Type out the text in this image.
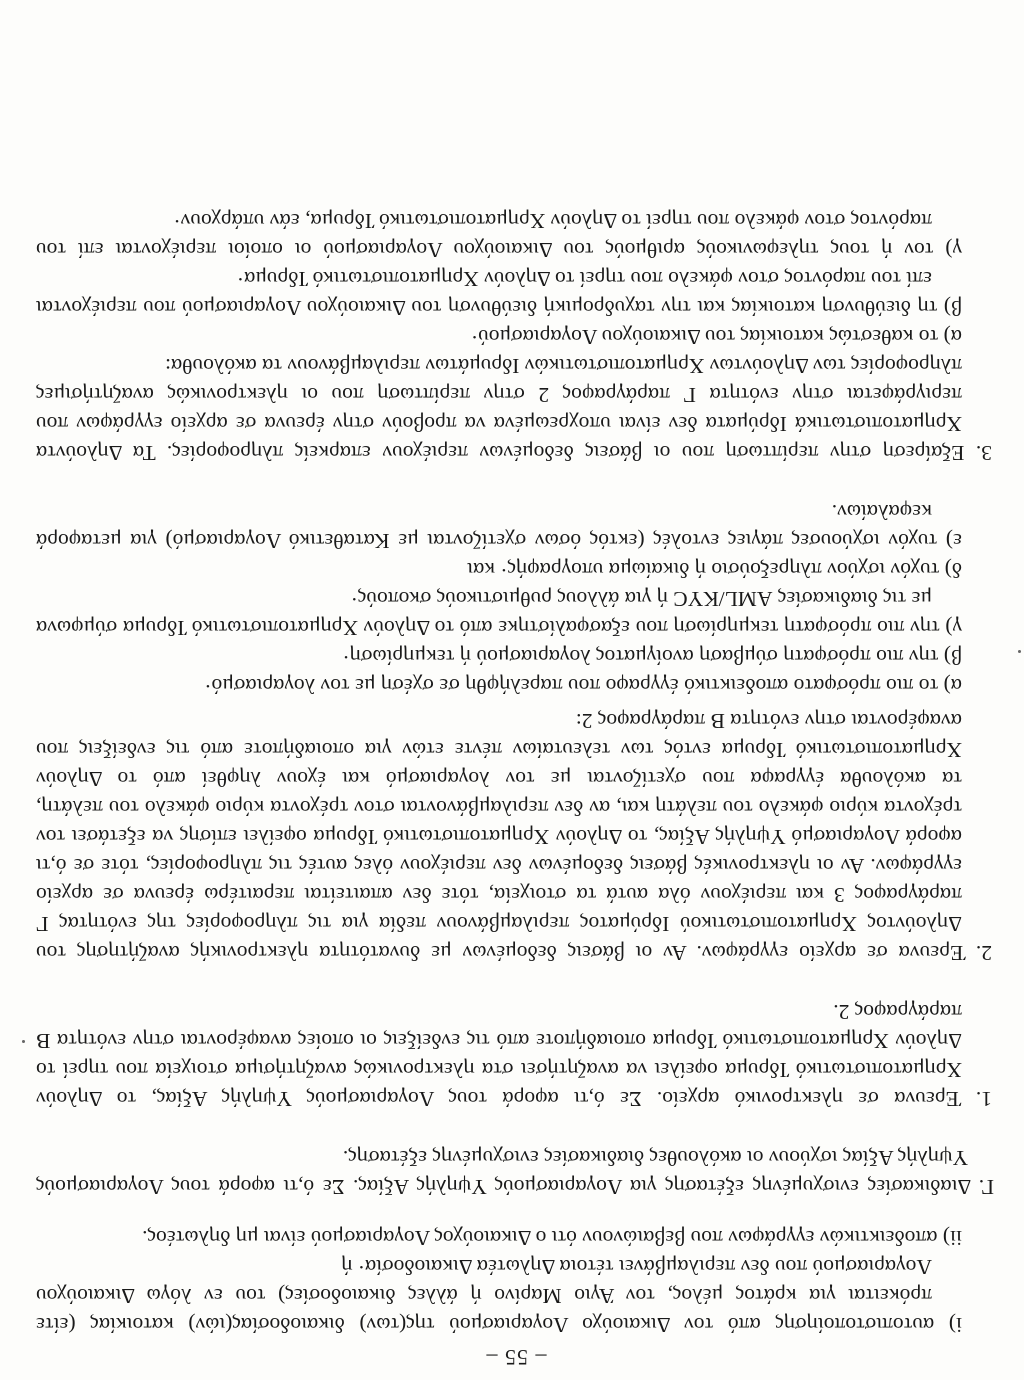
– 55 –

i) αυτοπιστοποίησης από τον Δικαιούχο Λογαριασμού της(των) δικαιοδοσίας(ιών) κατοικίας (είτε πρόκειται για κράτος μέλος, τον Άγιο Μαρίνο ή άλλες δικαιοδοσίες) του εν λόγω Δικαιούχου Λογαριασμού που δεν περιλαμβάνει τέτοια Δηλωτέα Δικαιοδοσία· ή

ii) αποδεικτικών εγγράφων που βεβαιώνουν ότι ο Δικαιούχος Λογαριασμού είναι μη δηλωτέος.

Γ. Διαδικασίες ενισχυμένης εξέτασης για Λογαριασμούς Υψηλής Αξίας. Σε ό,τι αφορά τους Λογαριασμούς Υψηλής Αξίας ισχύουν οι ακόλουθες διαδικασίες ενισχυμένης εξέτασης.

1. Έρευνα σε ηλεκτρονικό αρχείο. Σε ό,τι αφορά τους Λογαριασμούς Υψηλής Αξίας, το Δηλούν Χρηματοπιστωτικό Ίδρυμα οφείλει να αναζητήσει στα ηλεκτρονικώς αναζητήσιμα στοιχεία που τηρεί το Δηλούν Χρηματοπιστωτικό Ίδρυμα οποιαδήποτε από τις ενδείξεις οι οποίες αναφέρονται στην ενότητα Β παράγραφος 2.

2. Έρευνα σε αρχείο εγγράφων. Αν οι βάσεις δεδομένων με δυνατότητα ηλεκτρονικής αναζήτησης του Δηλούντος Χρηματοπιστωτικού Ιδρύματος περιλαμβάνουν πεδία για τις πληροφορίες της ενότητας Γ παράγραφος 3 και περιέχουν όλα αυτά τα στοιχεία, τότε δεν απαιτείται περαιτέρω έρευνα σε αρχείο εγγράφων. Αν οι ηλεκτρονικές βάσεις δεδομένων δεν περιέχουν όλες αυτές τις πληροφορίες, τότε σε ό,τι αφορά Λογαριασμό Υψηλής Αξίας, το Δηλούν Χρηματοπιστωτικό Ίδρυμα οφείλει επίσης να εξετάσει τον τρέχοντα κύριο φάκελο του πελάτη και, αν δεν περιλαμβάνονται στον τρέχοντα κύριο φάκελο του πελάτη, τα ακόλουθα έγγραφα που σχετίζονται με τον λογαριασμό και έχουν ληφθεί από το Δηλούν Χρηματοπιστωτικό Ίδρυμα εντός των τελευταίων πέντε ετών για οποιαδήποτε από τις ενδείξεις που αναφέρονται στην ενότητα Β παράγραφος 2:

α) το πιο πρόσφατο αποδεικτικό έγγραφο που παρελήφθη σε σχέση με τον λογαριασμό·

β) την πιο πρόσφατη σύμβαση ανοίγματος λογαριασμού ή τεκμηρίωση·

γ) την πιο πρόσφατη τεκμηρίωση που εξασφαλίστηκε από το Δηλούν Χρηματοπιστωτικό Ίδρυμα σύμφωνα με τις διαδικασίες AML/KYC ή για άλλους ρυθμιστικούς σκοπούς·

δ) τυχόν ισχύον πληρεξούσιο ή δικαίωμα υπογραφής· και

ε) τυχόν ισχύουσες πάγιες εντολές (εκτός όσων σχετίζονται με Καταθετικό Λογαριασμό) για μεταφορά κεφαλαίων.

3. Εξαίρεση στην περίπτωση που οι βάσεις δεδομένων περιέχουν επαρκείς πληροφορίες. Τα Δηλούντα Χρηματοπιστωτικά Ιδρύματα δεν είναι υποχρεωμένα να προβούν στην έρευνα σε αρχείο εγγράφων που περιγράφεται στην ενότητα Γ παράγραφος 2 στην περίπτωση που οι ηλεκτρονικώς αναζητήσιμες πληροφορίες των Δηλούντων Χρηματοπιστωτικών Ιδρυμάτων περιλαμβάνουν τα ακόλουθα:

α) το καθεστώς κατοικίας του Δικαιούχου Λογαριασμού·

β) τη διεύθυνση κατοικίας και την ταχυδρομική διεύθυνση του Δικαιούχου Λογαριασμού που περιέχονται επί του παρόντος στον φάκελο που τηρεί το Δηλούν Χρηματοπιστωτικό Ίδρυμα·

γ) τον ή τους τηλεφωνικούς αριθμούς του Δικαιούχου Λογαριασμού οι οποίοι περιέχονται επί του παρόντος στον φάκελο που τηρεί το Δηλούν Χρηματοπιστωτικό Ίδρυμα, εάν υπάρχουν·
